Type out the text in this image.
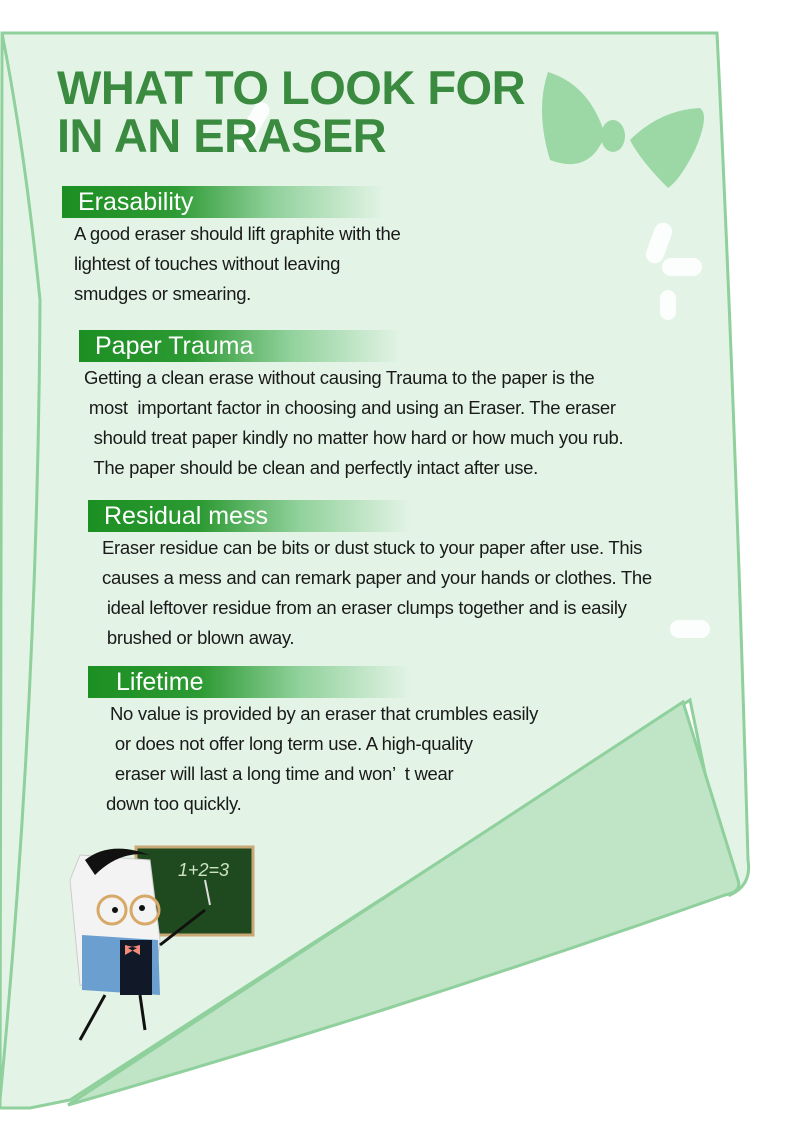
1+2=3
WHAT TO LOOK FOR
IN AN ERASER
Erasability
A good eraser should lift graphite with the
lightest of touches without leaving
smudges or smearing.
Paper Trauma
Getting a clean erase without causing Trauma to the paper is the
most  important factor in choosing and using an Eraser. The eraser
should treat paper kindly no matter how hard or how much you rub.
The paper should be clean and perfectly intact after use.
Residual mess
Eraser residue can be bits or dust stuck to your paper after use. This
causes a mess and can remark paper and your hands or clothes. The
ideal leftover residue from an eraser clumps together and is easily
brushed or blown away.
Lifetime
No value is provided by an eraser that crumbles easily
or does not offer long term use. A high-quality
eraser will last a long time and won’  t wear
down too quickly.
